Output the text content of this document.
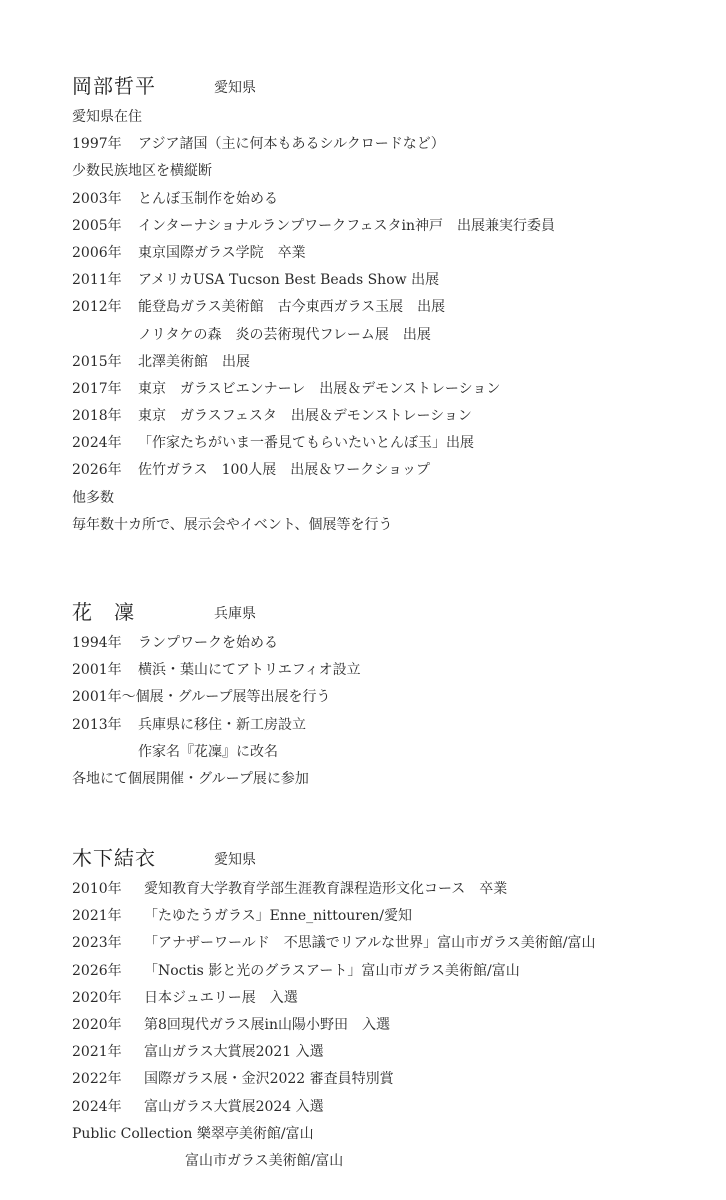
岡部哲平	愛知県
愛知県在住
1997年	アジア諸国（主に何本もあるシルクロードなど）
少数民族地区を横縦断
2003年	とんぼ玉制作を始める
2005年	インターナショナルランプワークフェスタin神戸　出展兼実行委員
2006年	東京国際ガラス学院　卒業
2011年	アメリカUSA Tucson Best Beads Show 出展
2012年	能登島ガラス美術館　古今東西ガラス玉展　出展
ノリタケの森　炎の芸術現代フレーム展　出展
2015年	北澤美術館　出展
2017年	東京　ガラスビエンナーレ　出展＆デモンストレーション
2018年	東京　ガラスフェスタ　出展＆デモンストレーション
2024年	「作家たちがいま一番見てもらいたいとんぼ玉」出展
2026年	佐竹ガラス　100人展　出展＆ワークショップ
他多数
毎年数十カ所で、展示会やイベント、個展等を行う
花　凜	兵庫県
1994年	ランプワークを始める
2001年	横浜・葉山にてアトリエフィオ設立
2001年～個展・グループ展等出展を行う
2013年	兵庫県に移住・新工房設立
作家名『花凜』に改名
各地にて個展開催・グループ展に参加
木下結衣	愛知県
2010年	愛知教育大学教育学部生涯教育課程造形文化コース　卒業
2021年	「たゆたうガラス」Enne_nittouren/愛知
2023年	「アナザーワールド　不思議でリアルな世界」富山市ガラス美術館/富山
2026年	「Noctis 影と光のグラスアート」富山市ガラス美術館/富山
2020年	日本ジュエリー展　入選
2020年	第8回現代ガラス展in山陽小野田　入選
2021年	富山ガラス大賞展2021 入選
2022年	国際ガラス展・金沢2022 審査員特別賞
2024年	富山ガラス大賞展2024 入選
Public Collection 樂翠亭美術館/富山
富山市ガラス美術館/富山
